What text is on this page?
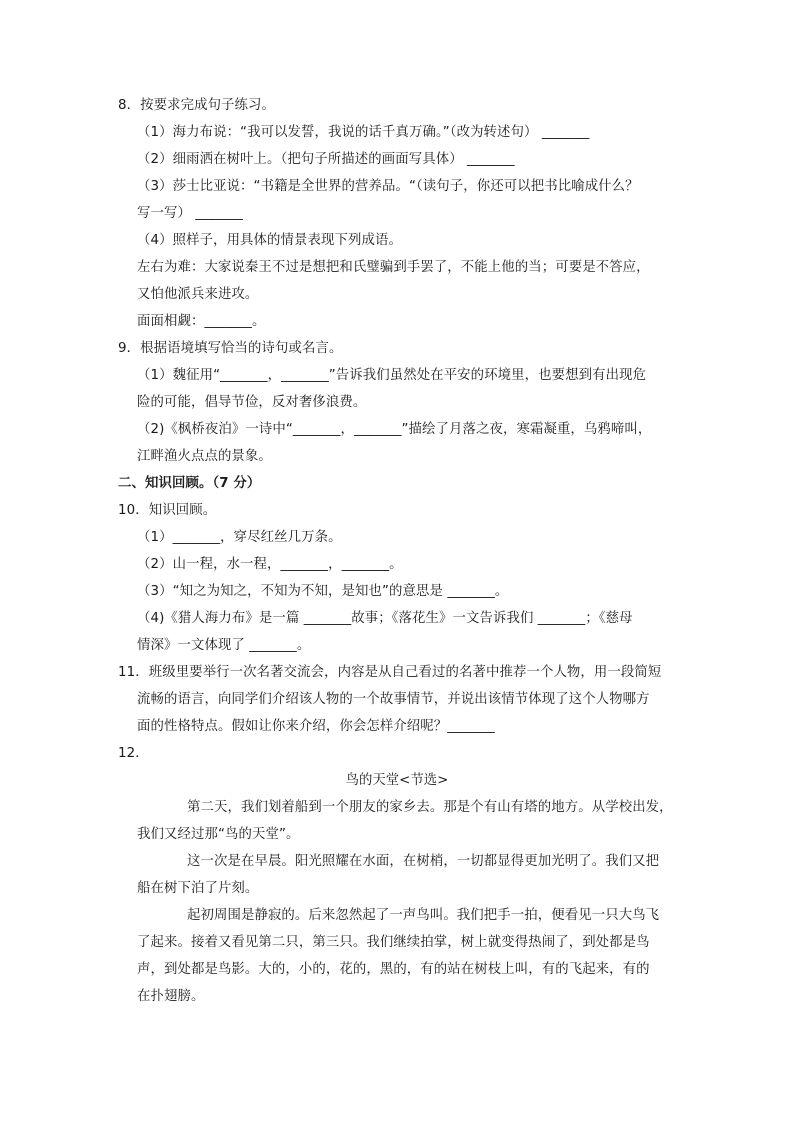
8．按要求完成句子练习。
（1）海力布说：“我可以发誓，我说的话千真万确。”（改为转述句） _______
（2）细雨洒在树叶上。（把句子所描述的画面写具体） _______
（3）莎士比亚说：“书籍是全世界的营养品。“（读句子，你还可以把书比喻成什么？
写一写） _______
（4）照样子，用具体的情景表现下列成语。
左右为难：大家说秦王不过是想把和氏璧骗到手罢了，不能上他的当；可要是不答应，
又怕他派兵来进攻。
面面相觑：_______。
9．根据语境填写恰当的诗句或名言。
（1）魏征用“_______，_______”告诉我们虽然处在平安的环境里，也要想到有出现危
险的可能，倡导节俭，反对奢侈浪费。
（2)《枫桥夜泊》一诗中“_______，_______”描绘了月落之夜，寒霜凝重，乌鸦啼叫，
江畔渔火点点的景象。
二、知识回顾。（7 分）
10．知识回顾。
（1）_______，穿尽红丝几万条。
（2）山一程，水一程，_______，_______。
（3）“知之为知之，不知为不知，是知也”的意思是 _______。
（4)《猎人海力布》是一篇 _______故事；《落花生》一文告诉我们 _______；《慈母
情深》一文体现了 _______。
11．班级里要举行一次名著交流会，内容是从自己看过的名著中推荐一个人物，用一段简短
流畅的语言，向同学们介绍该人物的一个故事情节，并说出该情节体现了这个人物哪方
面的性格特点。假如让你来介绍，你会怎样介绍呢？_______
12．
鸟的天堂<节选>
第二天，我们划着船到一个朋友的家乡去。那是个有山有塔的地方。从学校出发，
我们又经过那“鸟的天堂”。
这一次是在早晨。阳光照耀在水面，在树梢，一切都显得更加光明了。我们又把
船在树下泊了片刻。
起初周围是静寂的。后来忽然起了一声鸟叫。我们把手一拍，便看见一只大鸟飞
了起来。接着又看见第二只，第三只。我们继续拍掌，树上就变得热闹了，到处都是鸟
声，到处都是鸟影。大的，小的，花的，黑的，有的站在树枝上叫，有的飞起来，有的
在扑翅膀。
